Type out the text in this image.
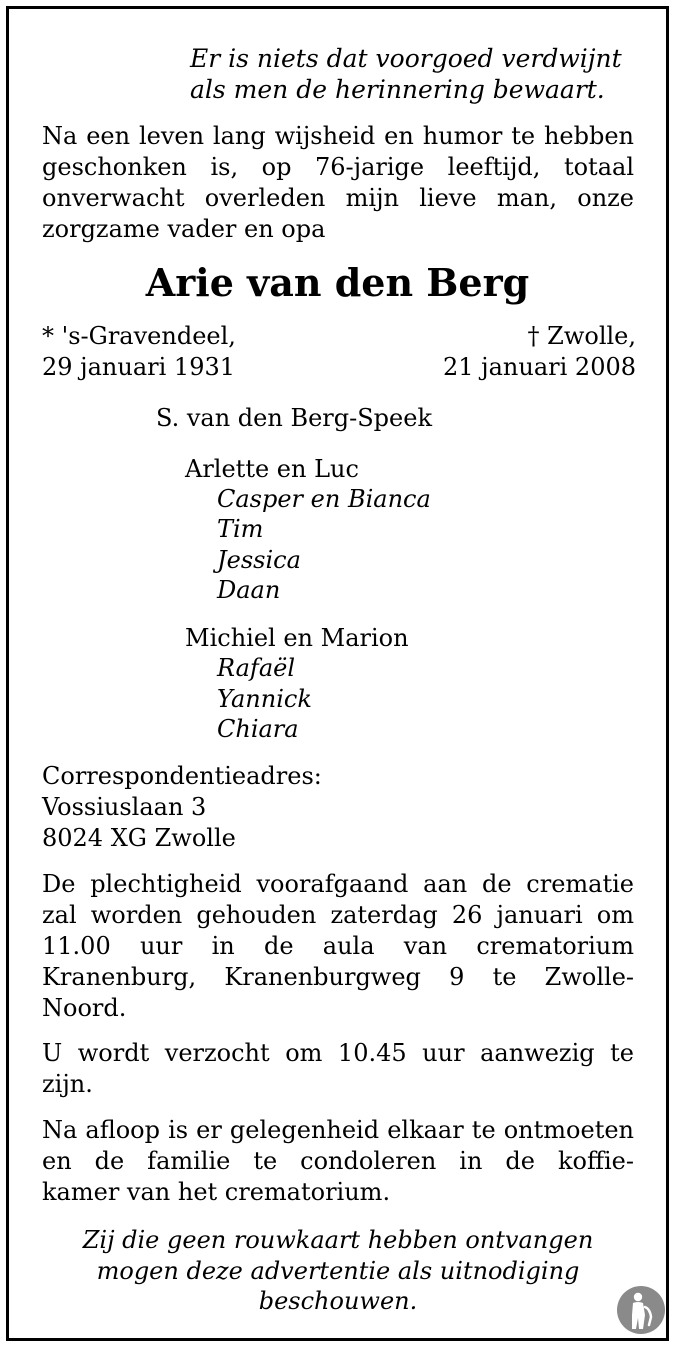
Er is niets dat voorgoed verdwijnt
als men de herinnering bewaart.
Na een leven lang wijsheid en humor te hebben
geschonken is, op 76-jarige leeftijd, totaal
onverwacht overleden mijn lieve man, onze
zorgzame vader en opa
Arie van den Berg
* 's-Gravendeel,
29 januari 1931
† Zwolle,
21 januari 2008
S. van den Berg-Speek
Arlette en Luc
Casper en Bianca
Tim
Jessica
Daan
Michiel en Marion
Rafaël
Yannick
Chiara
Correspondentieadres:
Vossiuslaan 3
8024 XG Zwolle
De plechtigheid voorafgaand aan de crematie
zal worden gehouden zaterdag 26 januari om
11.00 uur in de aula van crematorium
Kranenburg, Kranenburgweg 9 te Zwolle-
Noord.
U wordt verzocht om 10.45 uur aanwezig te
zijn.
Na afloop is er gelegenheid elkaar te ontmoeten
en de familie te condoleren in de koffie-
kamer van het crematorium.
Zij die geen rouwkaart hebben ontvangen
mogen deze advertentie als uitnodiging
beschouwen.
